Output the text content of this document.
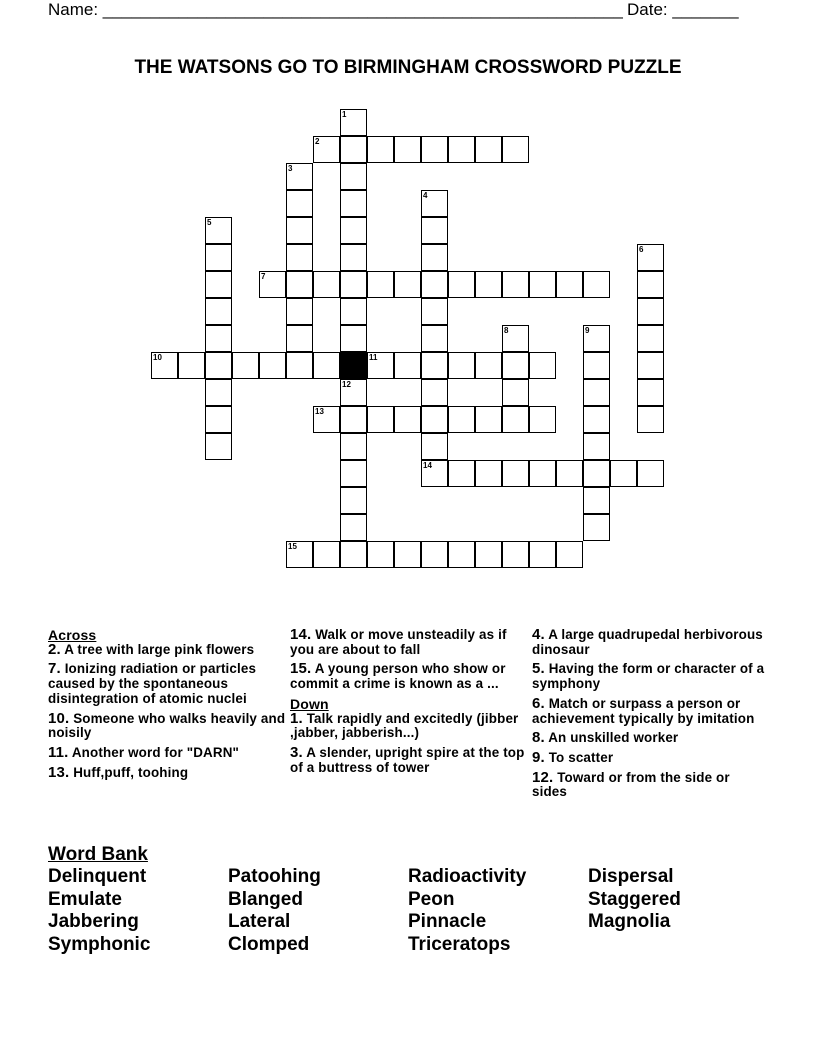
Name: _______________________________________________________ Date: _______
THE WATSONS GO TO BIRMINGHAM CROSSWORD PUZZLE
1
2
3
4
5
6
7
8	9
10	11
12
13
14
15
Across
2. A tree with large pink flowers
7. Ionizing radiation or particles caused by the spontaneous disintegration of atomic nuclei
10. Someone who walks heavily and noisily
11. Another word for "DARN"
13. Huff,puff, toohing
14. Walk or move unsteadily as if you are about to fall
15. A young person who show or commit a crime is known as a ...
Down
1. Talk rapidly and excitedly (jibber ,jabber, jabberish...)
3. A slender, upright spire at the top of a buttress of tower
4. A large quadrupedal herbivorous dinosaur
5. Having the form or character of a symphony
6. Match or surpass a person or achievement typically by imitation
8. An unskilled worker
9. To scatter
12. Toward or from the side or sides
Word Bank
Delinquent	Patoohing	Radioactivity	Dispersal
Emulate	Blanged	Peon	Staggered
Jabbering	Lateral	Pinnacle	Magnolia
Symphonic	Clomped	Triceratops
